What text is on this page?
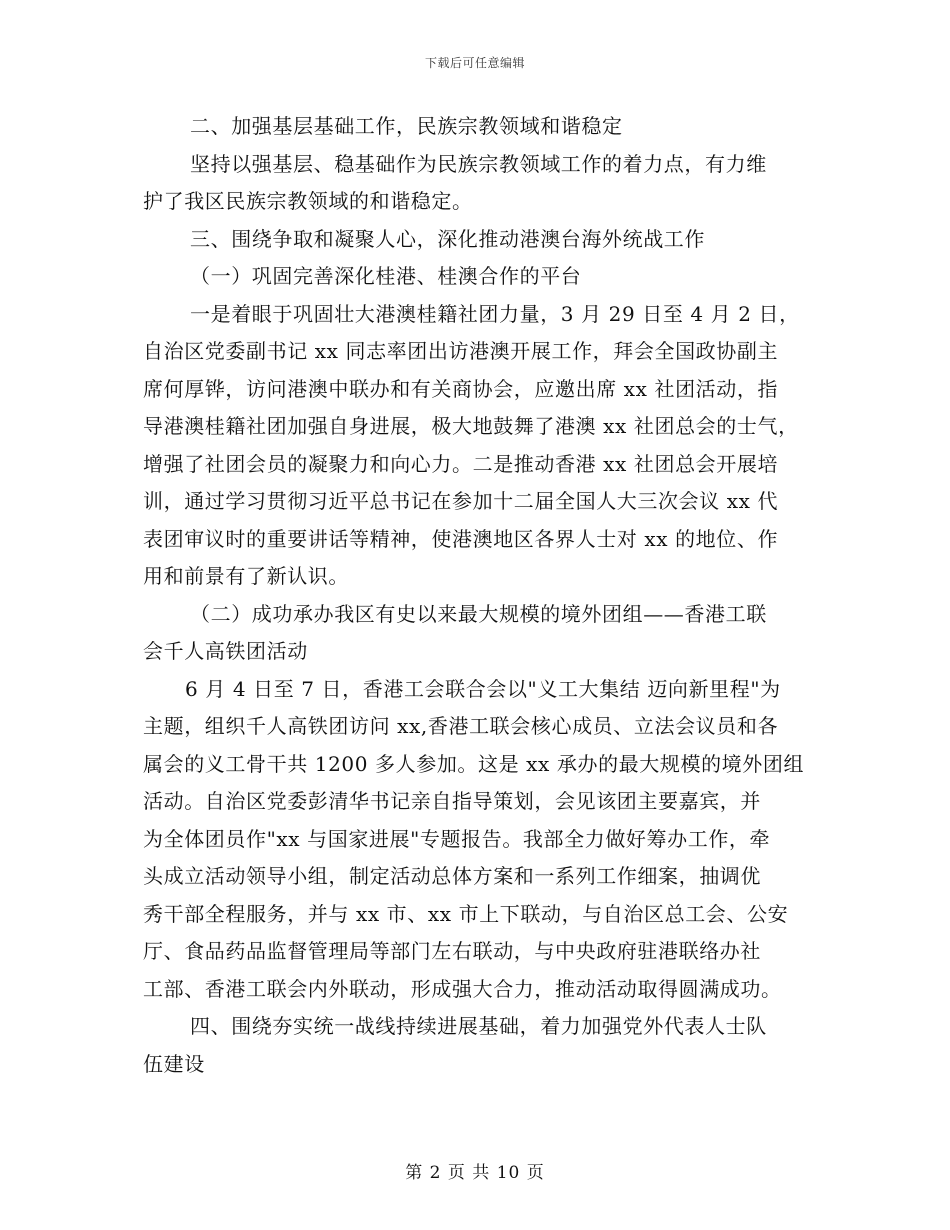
下载后可任意编辑
二、加强基层基础工作，民族宗教领域和谐稳定
坚持以强基层、稳基础作为民族宗教领域工作的着力点，有力维
护了我区民族宗教领域的和谐稳定。
三、围绕争取和凝聚人心，深化推动港澳台海外统战工作
（一）巩固完善深化桂港、桂澳合作的平台
一是着眼于巩固壮大港澳桂籍社团力量，3 月 29 日至 4 月 2 日，
自治区党委副书记 xx 同志率团出访港澳开展工作，拜会全国政协副主
席何厚铧，访问港澳中联办和有关商协会，应邀出席 xx 社团活动，指
导港澳桂籍社团加强自身进展，极大地鼓舞了港澳 xx 社团总会的士气，
增强了社团会员的凝聚力和向心力。二是推动香港 xx 社团总会开展培
训，通过学习贯彻习近平总书记在参加十二届全国人大三次会议 xx 代
表团审议时的重要讲话等精神，使港澳地区各界人士对 xx 的地位、作
用和前景有了新认识。
（二）成功承办我区有史以来最大规模的境外团组——香港工联
会千人高铁团活动
6 月 4 日至 7 日，香港工会联合会以"义工大集结 迈向新里程"为
主题，组织千人高铁团访问 xx,香港工联会核心成员、立法会议员和各
属会的义工骨干共 1200 多人参加。这是 xx 承办的最大规模的境外团组
活动。自治区党委彭清华书记亲自指导策划，会见该团主要嘉宾，并
为全体团员作"xx 与国家进展"专题报告。我部全力做好筹办工作，牵
头成立活动领导小组，制定活动总体方案和一系列工作细案，抽调优
秀干部全程服务，并与 xx 市、xx 市上下联动，与自治区总工会、公安
厅、食品药品监督管理局等部门左右联动，与中央政府驻港联络办社
工部、香港工联会内外联动，形成强大合力，推动活动取得圆满成功。
四、围绕夯实统一战线持续进展基础，着力加强党外代表人士队
伍建设
第 2 页 共 10 页
